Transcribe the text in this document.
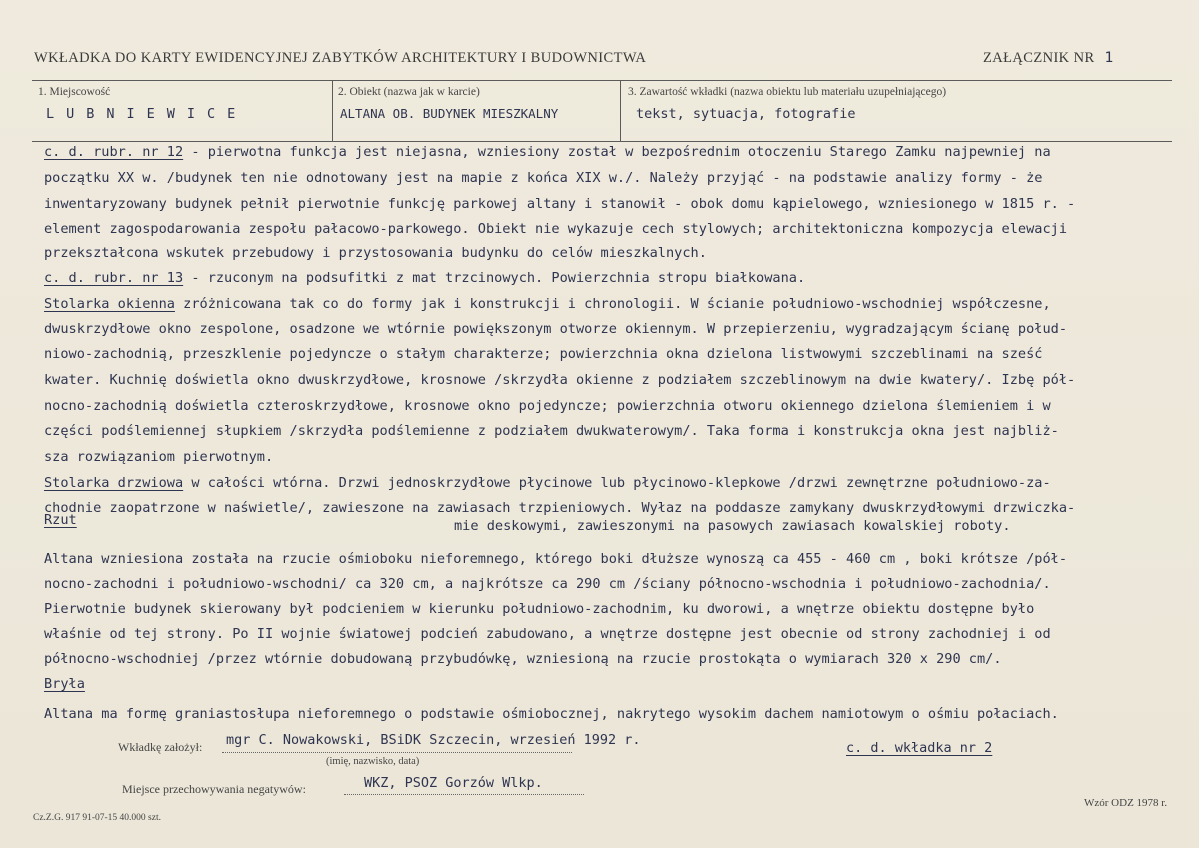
WKŁADKA DO KARTY EWIDENCYJNEJ ZABYTKÓW ARCHITEKTURY I BUDOWNICTWA	ZAŁĄCZNIK NR 1
1. Miejscowość	2. Obiekt (nazwa jak w karcie)	3. Zawartość wkładki (nazwa obiektu lub materiału uzupełniającego)
LUBNIEWICE	ALTANA OB. BUDYNEK MIESZKALNY	tekst, sytuacja, fotografie
c. d. rubr. nr 12 - pierwotna funkcja jest niejasna, wzniesiony został w bezpośrednim otoczeniu Starego Zamku najpewniej na
początku XX w. /budynek ten nie odnotowany jest na mapie z końca XIX w./. Należy przyjąć - na podstawie analizy formy - że
inwentaryzowany budynek pełnił pierwotnie funkcję parkowej altany i stanowił - obok domu kąpielowego, wzniesionego w 1815 r. -
element zagospodarowania zespołu pałacowo-parkowego. Obiekt nie wykazuje cech stylowych; architektoniczna kompozycja elewacji
przekształcona wskutek przebudowy i przystosowania budynku do celów mieszkalnych.
c. d. rubr. nr 13 - rzuconym na podsufitki z mat trzcinowych. Powierzchnia stropu białkowana.
Stolarka okienna zróżnicowana tak co do formy jak i konstrukcji i chronologii. W ścianie południowo-wschodniej współczesne,
dwuskrzydłowe okno zespolone, osadzone we wtórnie powiększonym otworze okiennym. W przepierzeniu, wygradzającym ścianę połud-
niowo-zachodnią, przeszklenie pojedyncze o stałym charakterze; powierzchnia okna dzielona listwowymi szczeblinami na sześć
kwater. Kuchnię doświetla okno dwuskrzydłowe, krosnowe /skrzydła okienne z podziałem szczeblinowym na dwie kwatery/. Izbę pół-
nocno-zachodnią doświetla czteroskrzydłowe, krosnowe okno pojedyncze; powierzchnia otworu okiennego dzielona ślemieniem i w
części podślemiennej słupkiem /skrzydła podślemienne z podziałem dwukwaterowym/. Taka forma i konstrukcja okna jest najbliż-
sza rozwiązaniom pierwotnym.
Stolarka drzwiowa w całości wtórna. Drzwi jednoskrzydłowe płycinowe lub płycinowo-klepkowe /drzwi zewnętrzne południowo-za-
chodnie zaopatrzone w naświetle/, zawieszone na zawiasach trzpieniowych. Wyłaz na poddasze zamykany dwuskrzydłowymi drzwiczka-
Rzut	mie deskowymi, zawieszonymi na pasowych zawiasach kowalskiej roboty.
Altana wzniesiona została na rzucie ośmioboku nieforemnego, którego boki dłuższe wynoszą ca 455 - 460 cm , boki krótsze /pół-
nocno-zachodni i południowo-wschodni/ ca 320 cm, a najkrótsze ca 290 cm /ściany północno-wschodnia i południowo-zachodnia/.
Pierwotnie budynek skierowany był podcieniem w kierunku południowo-zachodnim, ku dworowi, a wnętrze obiektu dostępne było
właśnie od tej strony. Po II wojnie światowej podcień zabudowano, a wnętrze dostępne jest obecnie od strony zachodniej i od
północno-wschodniej /przez wtórnie dobudowaną przybudówkę, wzniesioną na rzucie prostokąta o wymiarach 320 x 290 cm/.
Bryła
Altana ma formę graniastosłupa nieforemnego o podstawie ośmiobocznej, nakrytego wysokim dachem namiotowym o ośmiu połaciach.
Wkładkę założył: mgr C. Nowakowski, BSiDK Szczecin, wrzesień 1992 r.
(imię, nazwisko, data)
c. d. wkładka nr 2
Miejsce przechowywania negatywów:	WKZ, PSOZ Gorzów Wlkp.
Wzór ODZ 1978 r.
Cz.Z.G. 917 91-07-15 40.000 szt.
